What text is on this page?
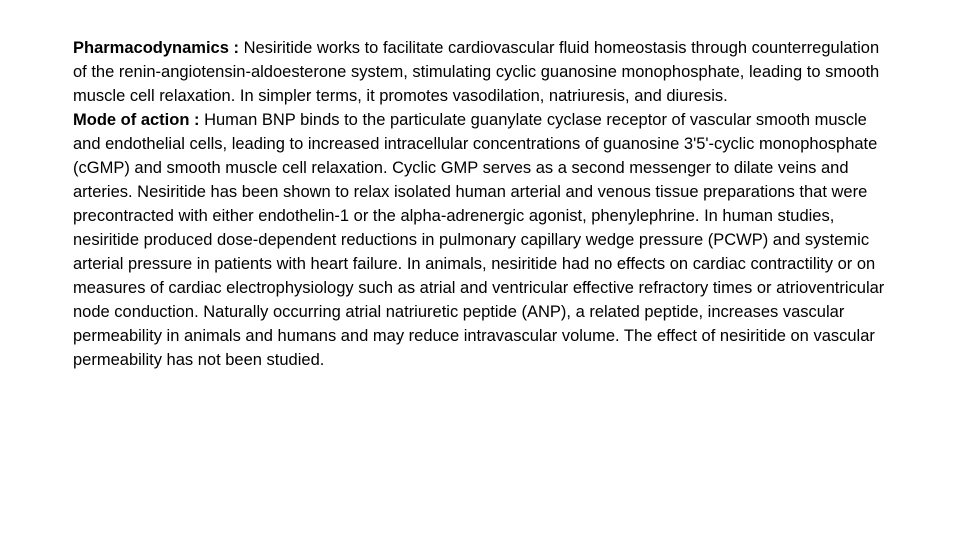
Pharmacodynamics : Nesiritide works to facilitate cardiovascular fluid homeostasis through counterregulation of the renin-angiotensin-aldoesterone system, stimulating cyclic guanosine monophosphate, leading to smooth muscle cell relaxation. In simpler terms, it promotes vasodilation, natriuresis, and diuresis.

Mode of action : Human BNP binds to the particulate guanylate cyclase receptor of vascular smooth muscle and endothelial cells, leading to increased intracellular concentrations of guanosine 3'5'-cyclic monophosphate (cGMP) and smooth muscle cell relaxation. Cyclic GMP serves as a second messenger to dilate veins and arteries. Nesiritide has been shown to relax isolated human arterial and venous tissue preparations that were precontracted with either endothelin-1 or the alpha-adrenergic agonist, phenylephrine. In human studies, nesiritide produced dose-dependent reductions in pulmonary capillary wedge pressure (PCWP) and systemic arterial pressure in patients with heart failure. In animals, nesiritide had no effects on cardiac contractility or on measures of cardiac electrophysiology such as atrial and ventricular effective refractory times or atrioventricular node conduction. Naturally occurring atrial natriuretic peptide (ANP), a related peptide, increases vascular permeability in animals and humans and may reduce intravascular volume. The effect of nesiritide on vascular permeability has not been studied.
